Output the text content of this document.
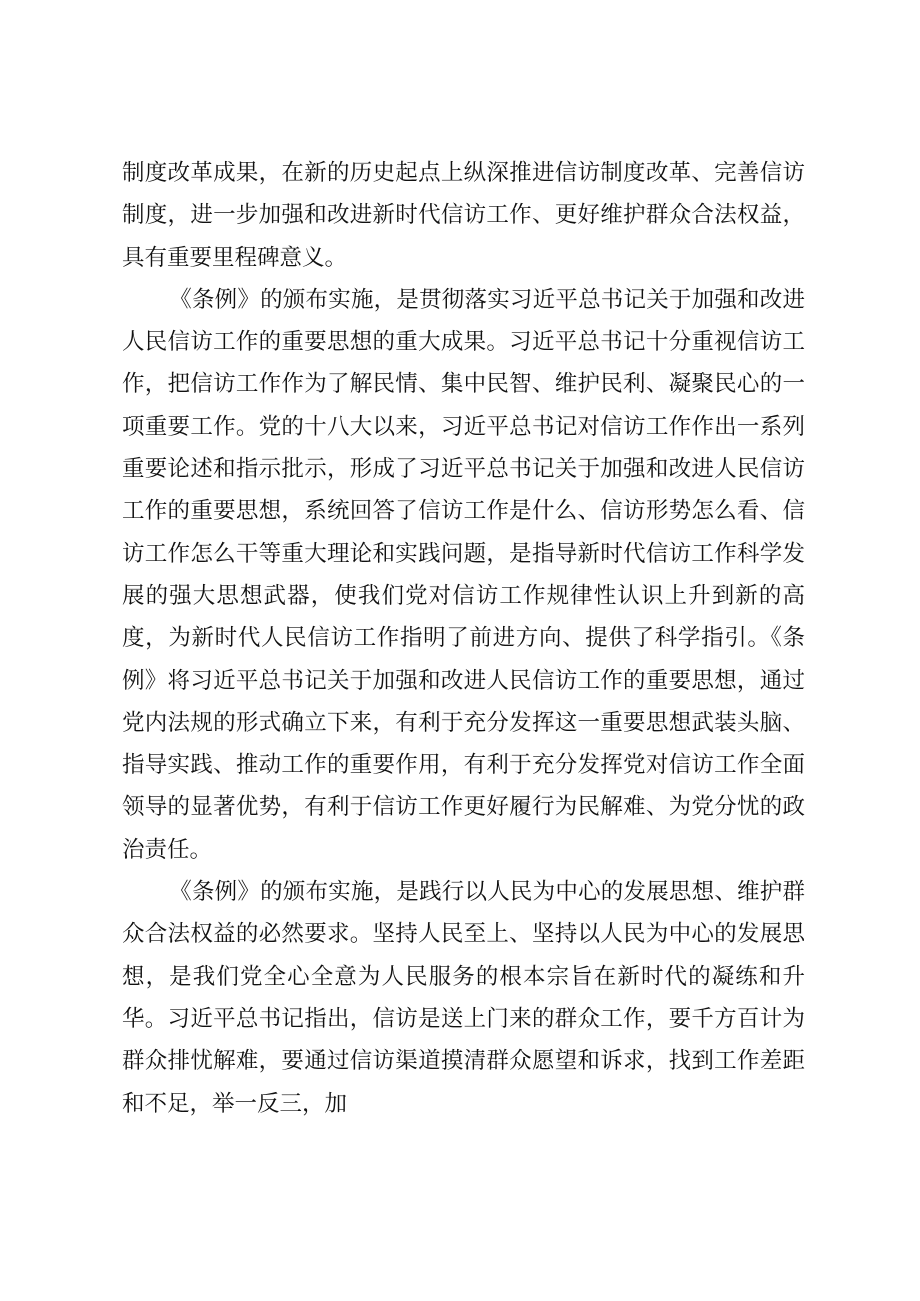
制度改革成果，在新的历史起点上纵深推进信访制度改革、完善信访制度，进一步加强和改进新时代信访工作、更好维护群众合法权益，具有重要里程碑意义。

《条例》的颁布实施，是贯彻落实习近平总书记关于加强和改进人民信访工作的重要思想的重大成果。习近平总书记十分重视信访工作，把信访工作作为了解民情、集中民智、维护民利、凝聚民心的一项重要工作。党的十八大以来，习近平总书记对信访工作作出一系列重要论述和指示批示，形成了习近平总书记关于加强和改进人民信访工作的重要思想，系统回答了信访工作是什么、信访形势怎么看、信访工作怎么干等重大理论和实践问题，是指导新时代信访工作科学发展的强大思想武器，使我们党对信访工作规律性认识上升到新的高度，为新时代人民信访工作指明了前进方向、提供了科学指引。《条例》将习近平总书记关于加强和改进人民信访工作的重要思想，通过党内法规的形式确立下来，有利于充分发挥这一重要思想武装头脑、指导实践、推动工作的重要作用，有利于充分发挥党对信访工作全面领导的显著优势，有利于信访工作更好履行为民解难、为党分忧的政治责任。

《条例》的颁布实施，是践行以人民为中心的发展思想、维护群众合法权益的必然要求。坚持人民至上、坚持以人民为中心的发展思想，是我们党全心全意为人民服务的根本宗旨在新时代的凝练和升华。习近平总书记指出，信访是送上门来的群众工作，要千方百计为群众排忧解难，要通过信访渠道摸清群众愿望和诉求，找到工作差距和不足，举一反三，加
